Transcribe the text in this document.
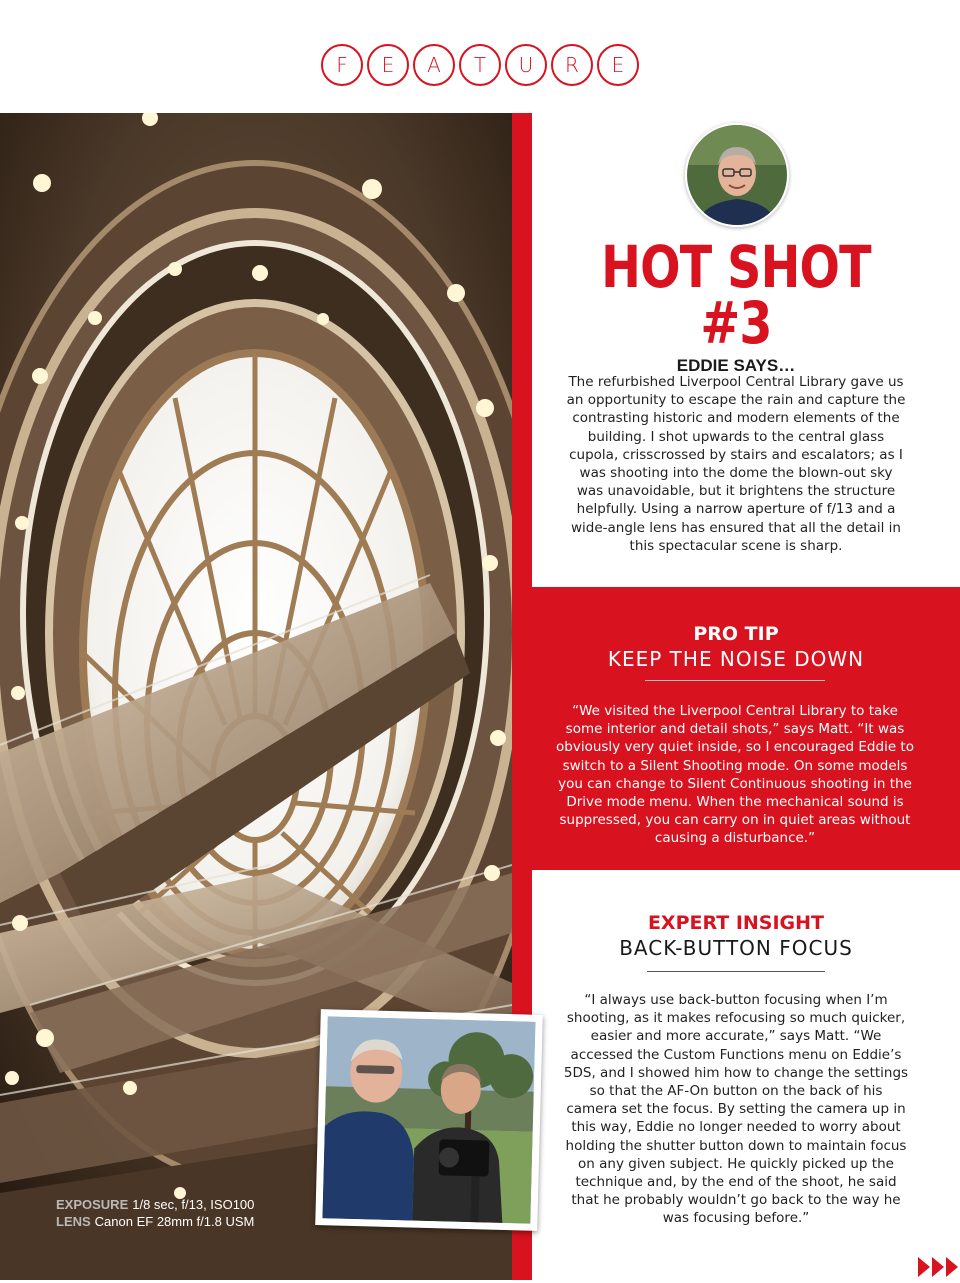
F	E	A	T	U	R	E
EXPOSURE 1/8 sec, f/13, ISO100
LENS Canon EF 28mm f/1.8 USM
HOT SHOT
#3
EDDIE SAYS…
The refurbished Liverpool Central Library gave us an opportunity to escape the rain and capture the contrasting historic and modern elements of the building. I shot upwards to the central glass cupola, crisscrossed by stairs and escalators; as I was shooting into the dome the blown-out sky was unavoidable, but it brightens the structure helpfully. Using a narrow aperture of f/13 and a wide-angle lens has ensured that all the detail in this spectacular scene is sharp.
PRO TIP
KEEP THE NOISE DOWN
“We visited the Liverpool Central Library to take some interior and detail shots,” says Matt. “It was obviously very quiet inside, so I encouraged Eddie to switch to a Silent Shooting mode. On some models you can change to Silent Continuous shooting in the Drive mode menu. When the mechanical sound is suppressed, you can carry on in quiet areas without causing a disturbance.”
EXPERT INSIGHT
BACK-BUTTON FOCUS
“I always use back-button focusing when I’m shooting, as it makes refocusing so much quicker, easier and more accurate,” says Matt. “We accessed the Custom Functions menu on Eddie’s 5DS, and I showed him how to change the settings so that the AF-On button on the back of his camera set the focus. By setting the camera up in this way, Eddie no longer needed to worry about holding the shutter button down to maintain focus on any given subject. He quickly picked up the technique and, by the end of the shoot, he said that he probably wouldn’t go back to the way he was focusing before.”
